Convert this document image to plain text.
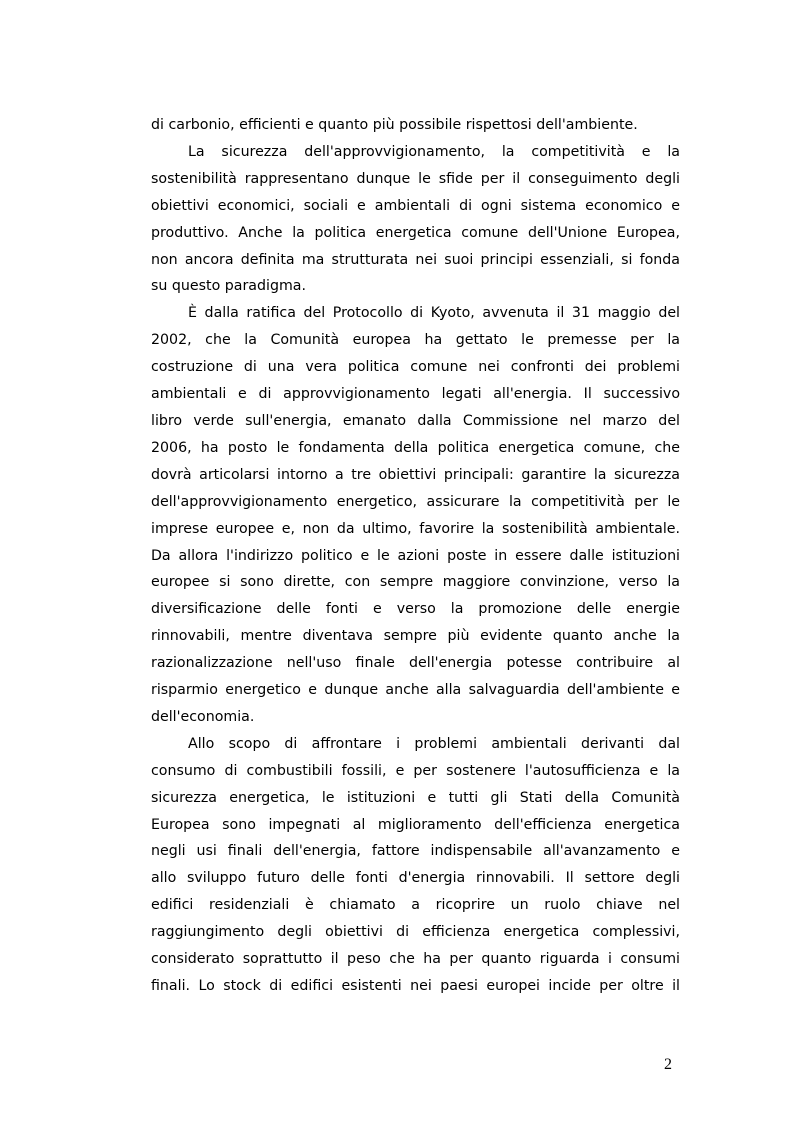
di carbonio, efficienti e quanto più possibile rispettosi dell'ambiente.

La sicurezza dell'approvvigionamento, la competitività e la

sostenibilità rappresentano dunque le sfide per il conseguimento degli

obiettivi economici, sociali e ambientali di ogni sistema economico e

produttivo. Anche la politica energetica comune dell'Unione Europea,

non ancora definita ma strutturata nei suoi principi essenziali, si fonda

su questo paradigma.

È dalla ratifica del Protocollo di Kyoto, avvenuta il 31 maggio del

2002, che la Comunità europea ha gettato le premesse per la

costruzione di una vera politica comune nei confronti dei problemi

ambientali e di approvvigionamento legati all'energia. Il successivo

libro verde sull'energia, emanato dalla Commissione nel marzo del

2006, ha posto le fondamenta della politica energetica comune, che

dovrà articolarsi intorno a tre obiettivi principali: garantire la sicurezza

dell'approvvigionamento energetico, assicurare la competitività per le

imprese europee e, non da ultimo, favorire la sostenibilità ambientale.

Da allora l'indirizzo politico e le azioni poste in essere dalle istituzioni

europee si sono dirette, con sempre maggiore convinzione, verso la

diversificazione delle fonti e verso la promozione delle energie

rinnovabili, mentre diventava sempre più evidente quanto anche la

razionalizzazione nell'uso finale dell'energia potesse contribuire al

risparmio energetico e dunque anche alla salvaguardia dell'ambiente e

dell'economia.

Allo scopo di affrontare i problemi ambientali derivanti dal

consumo di combustibili fossili, e per sostenere l'autosufficienza e la

sicurezza energetica, le istituzioni e tutti gli Stati della Comunità

Europea sono impegnati al miglioramento dell'efficienza energetica

negli usi finali dell'energia, fattore indispensabile all'avanzamento e

allo sviluppo futuro delle fonti d'energia rinnovabili. Il settore degli

edifici residenziali è chiamato a ricoprire un ruolo chiave nel

raggiungimento degli obiettivi di efficienza energetica complessivi,

considerato soprattutto il peso che ha per quanto riguarda i consumi

finali. Lo stock di edifici esistenti nei paesi europei incide per oltre il

2
